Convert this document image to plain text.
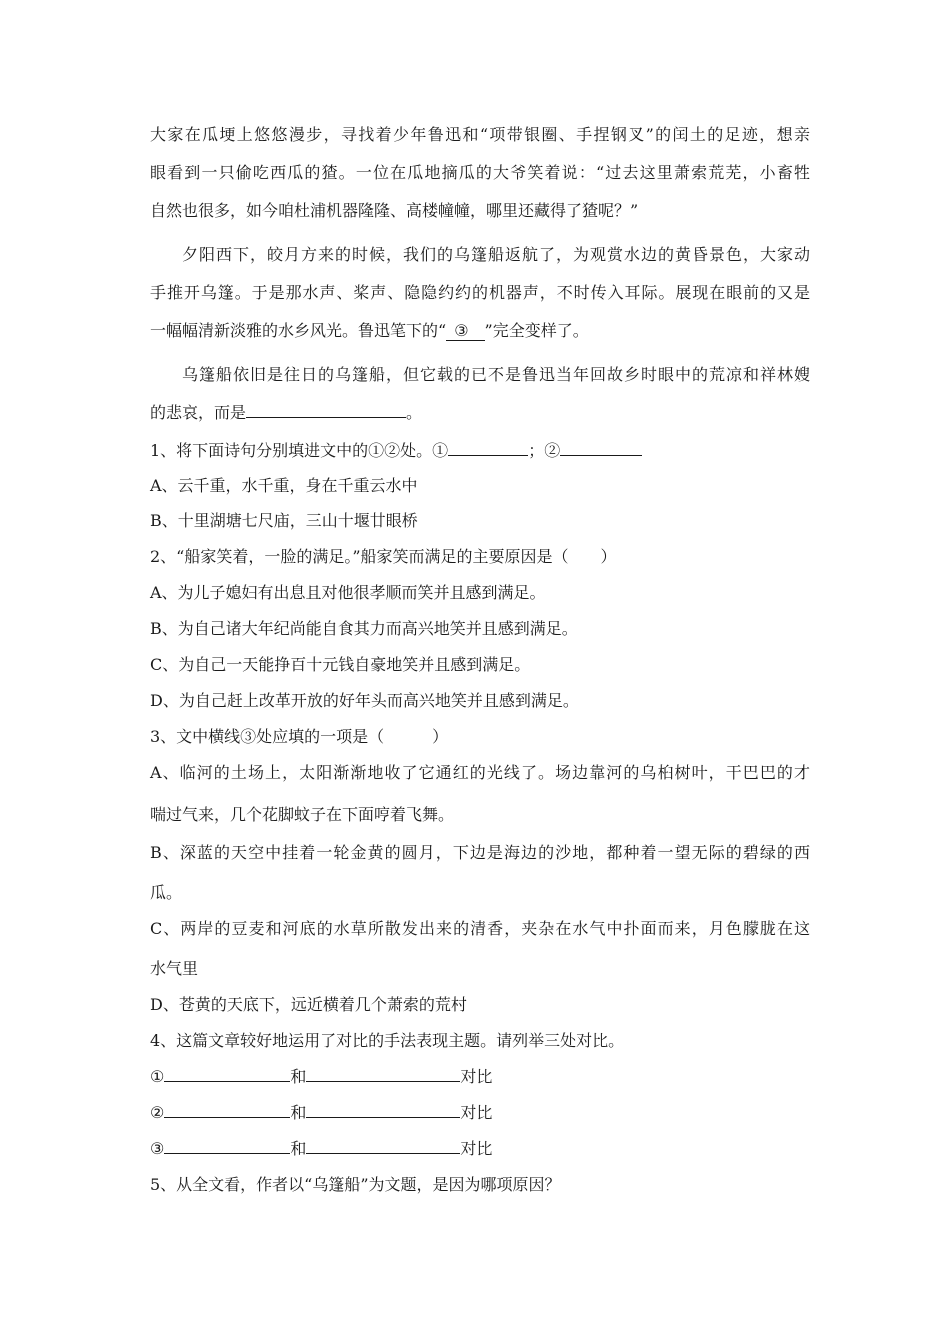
大家在瓜埂上悠悠漫步，寻找着少年鲁迅和“项带银圈、手捏钢叉”的闰土的足迹，想亲
眼看到一只偷吃西瓜的猹。一位在瓜地摘瓜的大爷笑着说：“过去这里萧索荒芜，小畜牲
自然也很多，如今咱杜浦机器隆隆、高楼幢幢，哪里还藏得了猹呢？”
夕阳西下，皎月方来的时候，我们的乌篷船返航了，为观赏水边的黄昏景色，大家动
手推开乌篷。于是那水声、桨声、隐隐约约的机器声，不时传入耳际。展现在眼前的又是
一幅幅清新淡雅的水乡风光。鲁迅笔下的“ ③ ”完全变样了。
乌篷船依旧是往日的乌篷船，但它载的已不是鲁迅当年回故乡时眼中的荒凉和祥林嫂
的悲哀，而是	。

1、将下面诗句分别填进文中的①②处。①	；②

A、云千重，水千重，身在千重云水中

B、十里湖塘七尺庙，三山十堰廿眼桥

2、“船家笑着，一脸的满足。”船家笑而满足的主要原因是（　　）

A、为儿子媳妇有出息且对他很孝顺而笑并且感到满足。

B、为自己诸大年纪尚能自食其力而高兴地笑并且感到满足。

C、为自己一天能挣百十元钱自豪地笑并且感到满足。

D、为自己赶上改革开放的好年头而高兴地笑并且感到满足。

3、文中横线③处应填的一项是（　　　）

A、临河的土场上，太阳渐渐地收了它通红的光线了。场边靠河的乌桕树叶，干巴巴的才

喘过气来，几个花脚蚊子在下面哼着飞舞。

B、深蓝的天空中挂着一轮金黄的圆月，下边是海边的沙地，都种着一望无际的碧绿的西

瓜。

C、两岸的豆麦和河底的水草所散发出来的清香，夹杂在水气中扑面而来，月色朦胧在这

水气里

D、苍黄的天底下，远近横着几个萧索的荒村

4、这篇文章较好地运用了对比的手法表现主题。请列举三处对比。

①	和	对比

②	和	对比

③	和	对比

5、从全文看，作者以“乌篷船”为文题，是因为哪项原因？
